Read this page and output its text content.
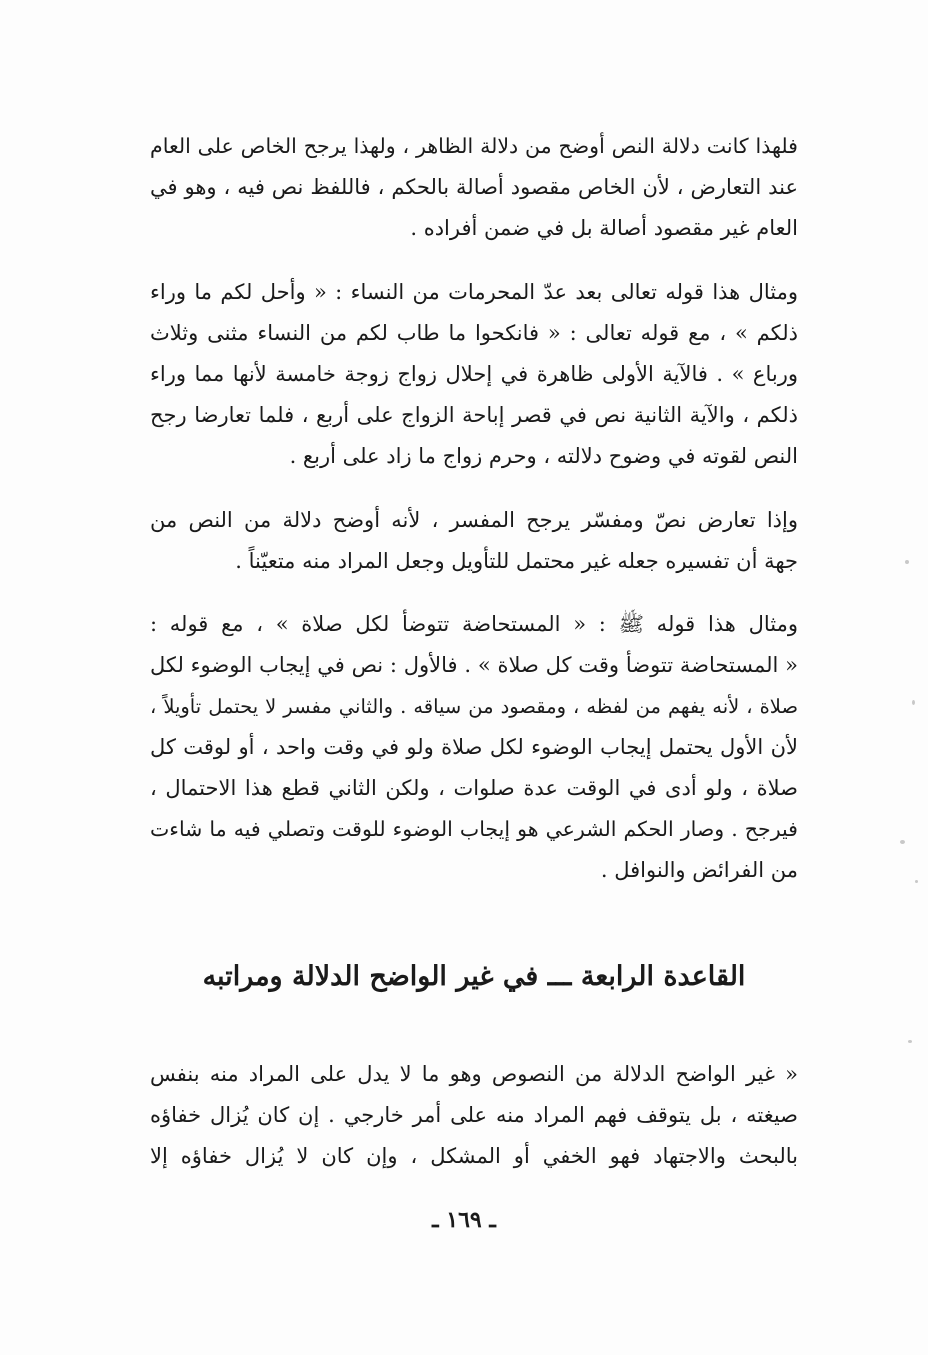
فلهذا كانت دلالة النص أوضح من دلالة الظاهر ، ولهذا يرجح الخاص على العام
عند التعارض ، لأن الخاص مقصود أصالة بالحكم ، فاللفظ نص فيه ، وهو في
العام غير مقصود أصالة بل في ضمن أفراده .
ومثال هذا قوله تعالى بعد عدّ المحرمات من النساء : « وأحل لكم ما وراء
ذلكم » ، مع قوله تعالى : « فانكحوا ما طاب لكم من النساء مثنى وثلاث
ورباع » . فالآية الأولى ظاهرة في إحلال زواج زوجة خامسة لأنها مما وراء
ذلكم ، والآية الثانية نص في قصر إباحة الزواج على أربع ، فلما تعارضا رجح
النص لقوته في وضوح دلالته ، وحرم زواج ما زاد على أربع .
وإذا تعارض نصّ ومفسّر يرجح المفسر ، لأنه أوضح دلالة من النص من
جهة أن تفسيره جعله غير محتمل للتأويل وجعل المراد منه متعيّناً .
ومثال هذا قوله ﷺ : « المستحاضة تتوضأ لكل صلاة » ، مع قوله :
« المستحاضة تتوضأ وقت كل صلاة » . فالأول : نص في إيجاب الوضوء لكل
صلاة ، لأنه يفهم من لفظه ، ومقصود من سياقه . والثاني مفسر لا يحتمل تأويلاً ،
لأن الأول يحتمل إيجاب الوضوء لكل صلاة ولو في وقت واحد ، أو لوقت كل
صلاة ، ولو أدى في الوقت عدة صلوات ، ولكن الثاني قطع هذا الاحتمال ،
فيرجح . وصار الحكم الشرعي هو إيجاب الوضوء للوقت وتصلي فيه ما شاءت
من الفرائض والنوافل .
القاعدة الرابعة ـــ في غير الواضح الدلالة ومراتبه
« غير الواضح الدلالة من النصوص وهو ما لا يدل على المراد منه بنفس
صيغته ، بل يتوقف فهم المراد منه على أمر خارجي . إن كان يُزال خفاؤه
بالبحث والاجتهاد فهو الخفي أو المشكل ، وإن كان لا يُزال خفاؤه إلا
ـ ١٦٩ ـ
